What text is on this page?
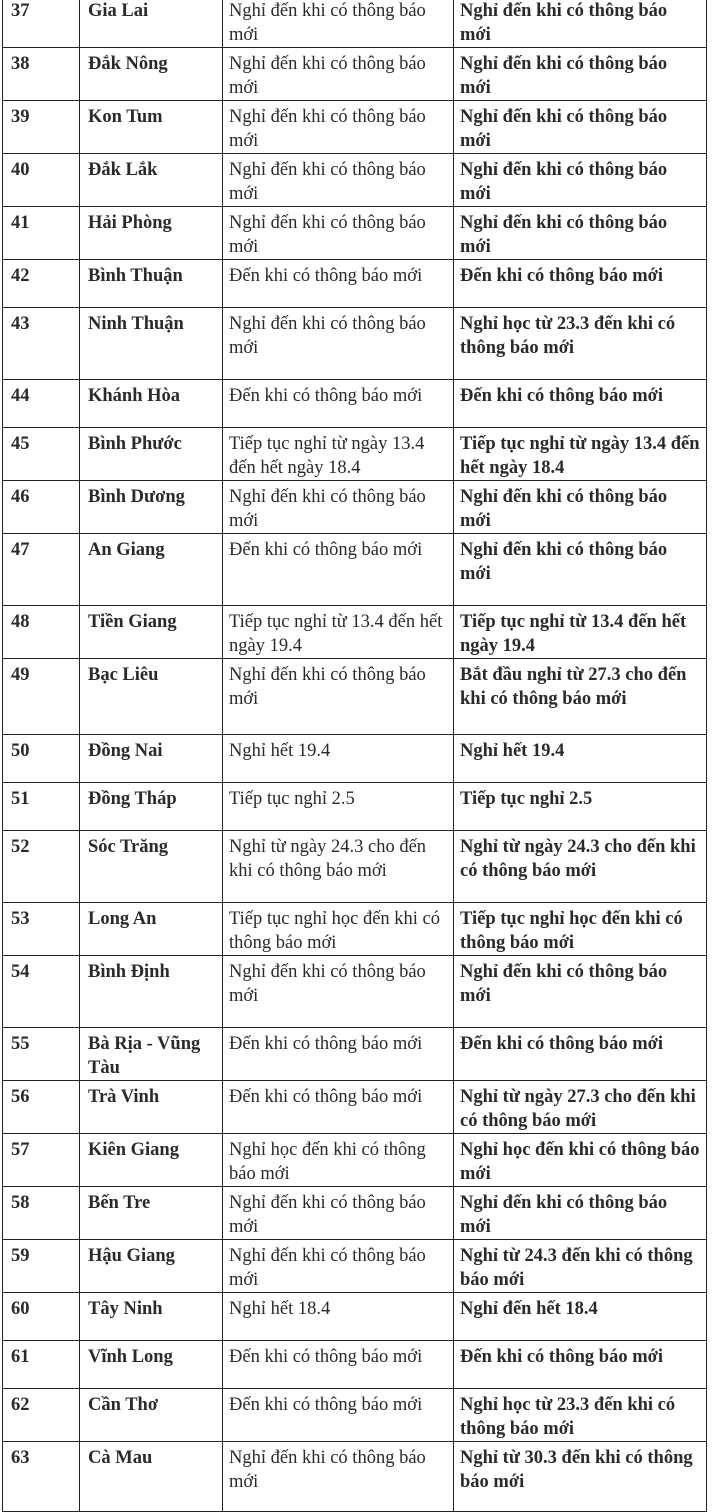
37	Gia Lai	Nghỉ đến khi có thông báo mới	Nghỉ đến khi có thông báo mới
38	Đắk Nông	Nghỉ đến khi có thông báo mới	Nghỉ đến khi có thông báo mới
39	Kon Tum	Nghỉ đến khi có thông báo mới	Nghỉ đến khi có thông báo mới
40	Đắk Lắk	Nghỉ đến khi có thông báo mới	Nghỉ đến khi có thông báo mới
41	Hải Phòng	Nghỉ đến khi có thông báo mới	Nghỉ đến khi có thông báo mới
42	Bình Thuận	Đến khi có thông báo mới	Đến khi có thông báo mới
43	Ninh Thuận	Nghỉ đến khi có thông báo mới	Nghỉ học từ 23.3 đến khi có thông báo mới
44	Khánh Hòa	Đến khi có thông báo mới	Đến khi có thông báo mới
45	Bình Phước	Tiếp tục nghỉ từ ngày 13.4 đến hết ngày 18.4	Tiếp tục nghỉ từ ngày 13.4 đến hết ngày 18.4
46	Bình Dương	Nghỉ đến khi có thông báo mới	Nghỉ đến khi có thông báo mới
47	An Giang	Đến khi có thông báo mới	Nghỉ đến khi có thông báo mới
48	Tiền Giang	Tiếp tục nghỉ từ 13.4 đến hết ngày 19.4	Tiếp tục nghỉ từ 13.4 đến hết ngày 19.4
49	Bạc Liêu	Nghỉ đến khi có thông báo mới	Bắt đầu nghỉ từ 27.3 cho đến khi có thông báo mới
50	Đồng Nai	Nghỉ hết 19.4	Nghỉ hết 19.4
51	Đồng Tháp	Tiếp tục nghỉ 2.5	Tiếp tục nghỉ 2.5
52	Sóc Trăng	Nghỉ từ ngày 24.3 cho đến khi có thông báo mới	Nghỉ từ ngày 24.3 cho đến khi có thông báo mới
53	Long An	Tiếp tục nghỉ học đến khi có thông báo mới	Tiếp tục nghỉ học đến khi có thông báo mới
54	Bình Định	Nghỉ đến khi có thông báo mới	Nghỉ đến khi có thông báo mới
55	Bà Rịa - Vũng Tàu	Đến khi có thông báo mới	Đến khi có thông báo mới
56	Trà Vinh	Đến khi có thông báo mới	Nghỉ từ ngày 27.3 cho đến khi có thông báo mới
57	Kiên Giang	Nghỉ học đến khi có thông báo mới	Nghỉ học đến khi có thông báo mới
58	Bến Tre	Nghỉ đến khi có thông báo mới	Nghỉ đến khi có thông báo mới
59	Hậu Giang	Nghỉ đến khi có thông báo mới	Nghỉ từ 24.3 đến khi có thông báo mới
60	Tây Ninh	Nghỉ hết 18.4	Nghỉ đến hết 18.4
61	Vĩnh Long	Đến khi có thông báo mới	Đến khi có thông báo mới
62	Cần Thơ	Đến khi có thông báo mới	Nghỉ học từ 23.3 đến khi có thông báo mới
63	Cà Mau	Nghỉ đến khi có thông báo mới	Nghỉ từ 30.3 đến khi có thông báo mới
